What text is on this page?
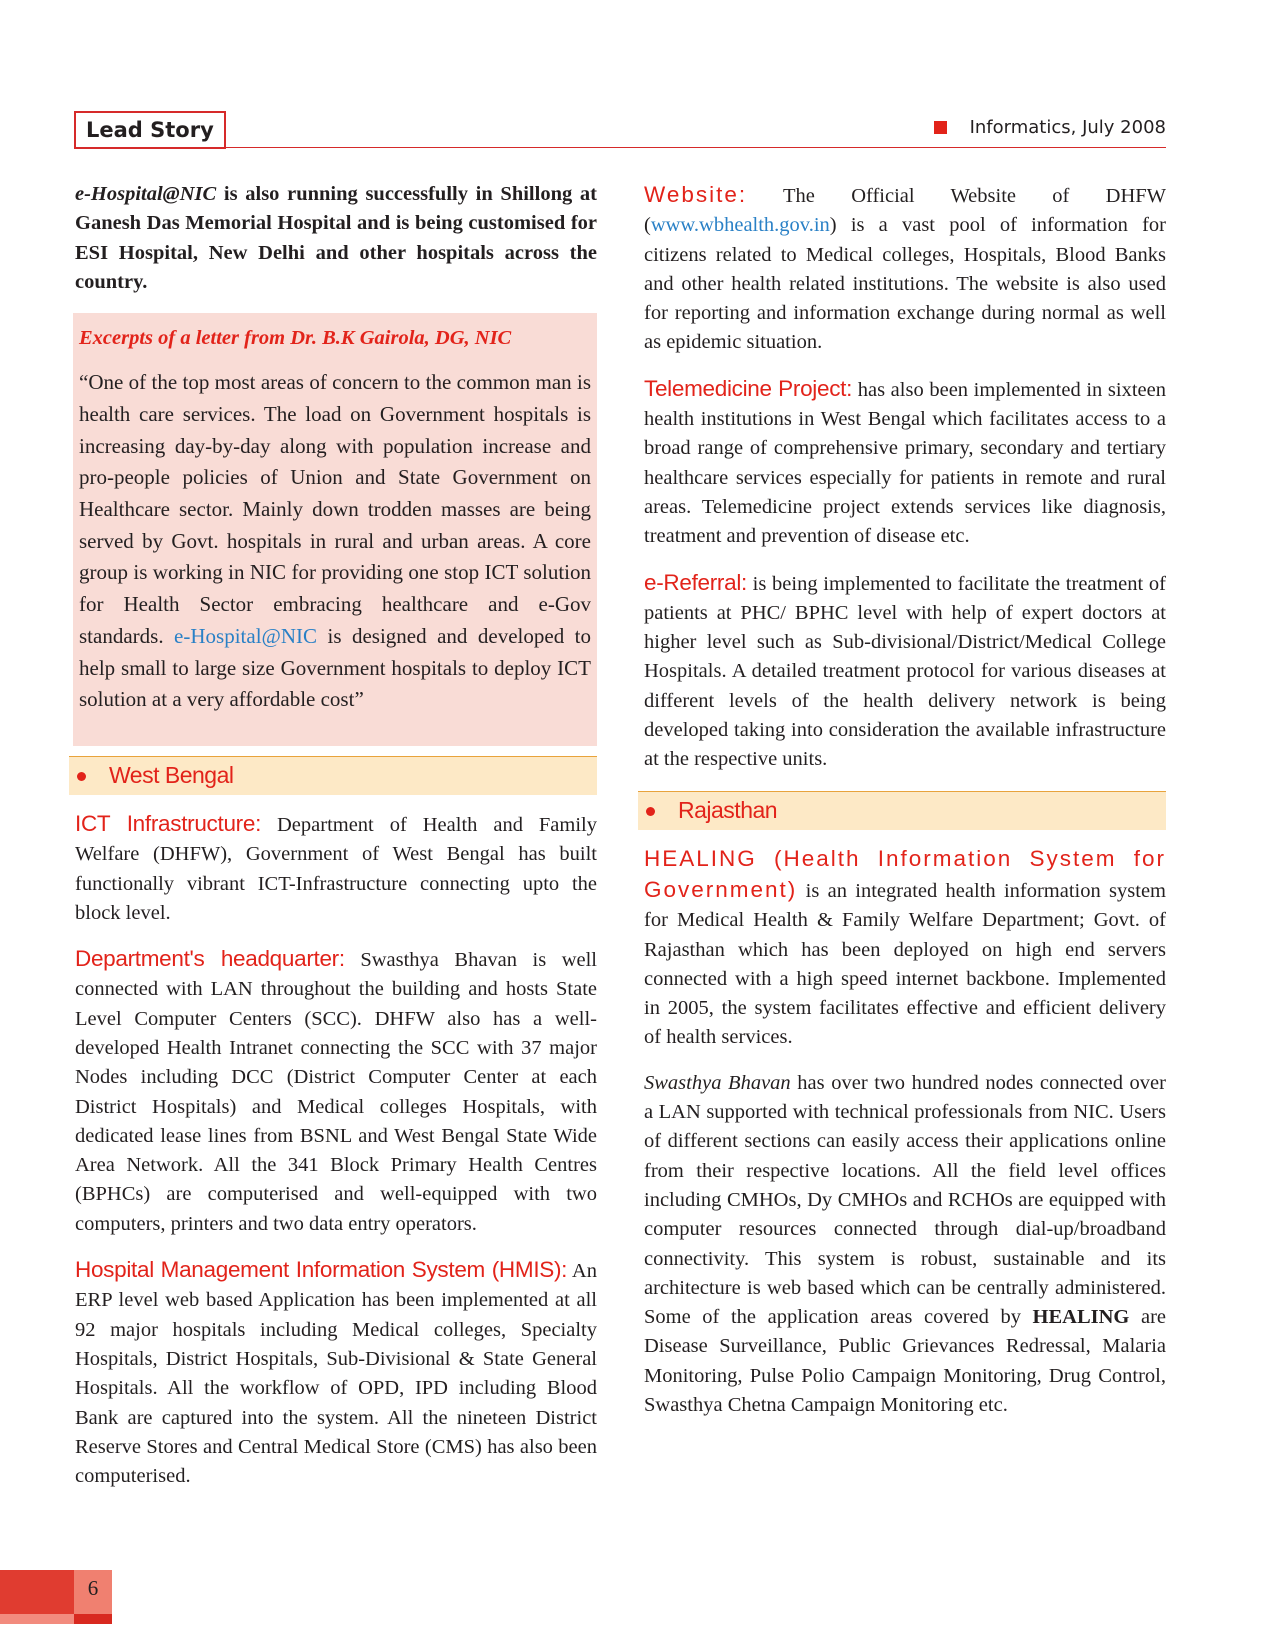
Lead Story	Informatics, July 2008

e-Hospital@NIC is also running successfully in Shillong at Ganesh Das Memorial Hospital and is being customised for ESI Hospital, New Delhi and other hospitals across the country.

Excerpts of a letter from Dr. B.K Gairola, DG, NIC

“One of the top most areas of concern to the common man is health care services. The load on Government hospitals is increasing day-by-day along with population increase and pro-people policies of Union and State Government on Healthcare sector. Mainly down trodden masses are being served by Govt. hospitals in rural and urban areas. A core group is working in NIC for providing one stop ICT solution for Health Sector embracing healthcare and e-Gov standards. e-Hospital@NIC is designed and developed to help small to large size Government hospitals to deploy ICT solution at a very affordable cost”

West Bengal

ICT Infrastructure: Department of Health and Family Welfare (DHFW), Government of West Bengal has built functionally vibrant ICT-Infrastructure connecting upto the block level.

Department's headquarter: Swasthya Bhavan is well connected with LAN throughout the building and hosts State Level Computer Centers (SCC). DHFW also has a well-developed Health Intranet connecting the SCC with 37 major Nodes including DCC (District Computer Center at each District Hospitals) and Medical colleges Hospitals, with dedicated lease lines from BSNL and West Bengal State Wide Area Network. All the 341 Block Primary Health Centres (BPHCs) are computerised and well-equipped with two computers, printers and two data entry operators.

Hospital Management Information System (HMIS): An ERP level web based Application has been implemented at all 92 major hospitals including Medical colleges, Specialty Hospitals, District Hospitals, Sub-Divisional & State General Hospitals. All the workflow of OPD, IPD including Blood Bank are captured into the system. All the nineteen District Reserve Stores and Central Medical Store (CMS) has also been computerised.

Website: The Official Website of DHFW (www.wbhealth.gov.in) is a vast pool of information for citizens related to Medical colleges, Hospitals, Blood Banks and other health related institutions. The website is also used for reporting and information exchange during normal as well as epidemic situation.

Telemedicine Project: has also been implemented in sixteen health institutions in West Bengal which facilitates access to a broad range of comprehensive primary, secondary and tertiary healthcare services especially for patients in remote and rural areas. Telemedicine project extends services like diagnosis, treatment and prevention of disease etc.

e-Referral: is being implemented to facilitate the treatment of patients at PHC/ BPHC level with help of expert doctors at higher level such as Sub-divisional/District/Medical College Hospitals. A detailed treatment protocol for various diseases at different levels of the health delivery network is being developed taking into consideration the available infrastructure at the respective units.

Rajasthan

HEALING (Health Information System for Government) is an integrated health information system for Medical Health & Family Welfare Department; Govt. of Rajasthan which has been deployed on high end servers connected with a high speed internet backbone. Implemented in 2005, the system facilitates effective and efficient delivery of health services.

Swasthya Bhavan has over two hundred nodes connected over a LAN supported with technical professionals from NIC. Users of different sections can easily access their applications online from their respective locations. All the field level offices including CMHOs, Dy CMHOs and RCHOs are equipped with computer resources connected through dial-up/broadband connectivity. This system is robust, sustainable and its architecture is web based which can be centrally administered. Some of the application areas covered by HEALING are Disease Surveillance, Public Grievances Redressal, Malaria Monitoring, Pulse Polio Campaign Monitoring, Drug Control, Swasthya Chetna Campaign Monitoring etc.

6
